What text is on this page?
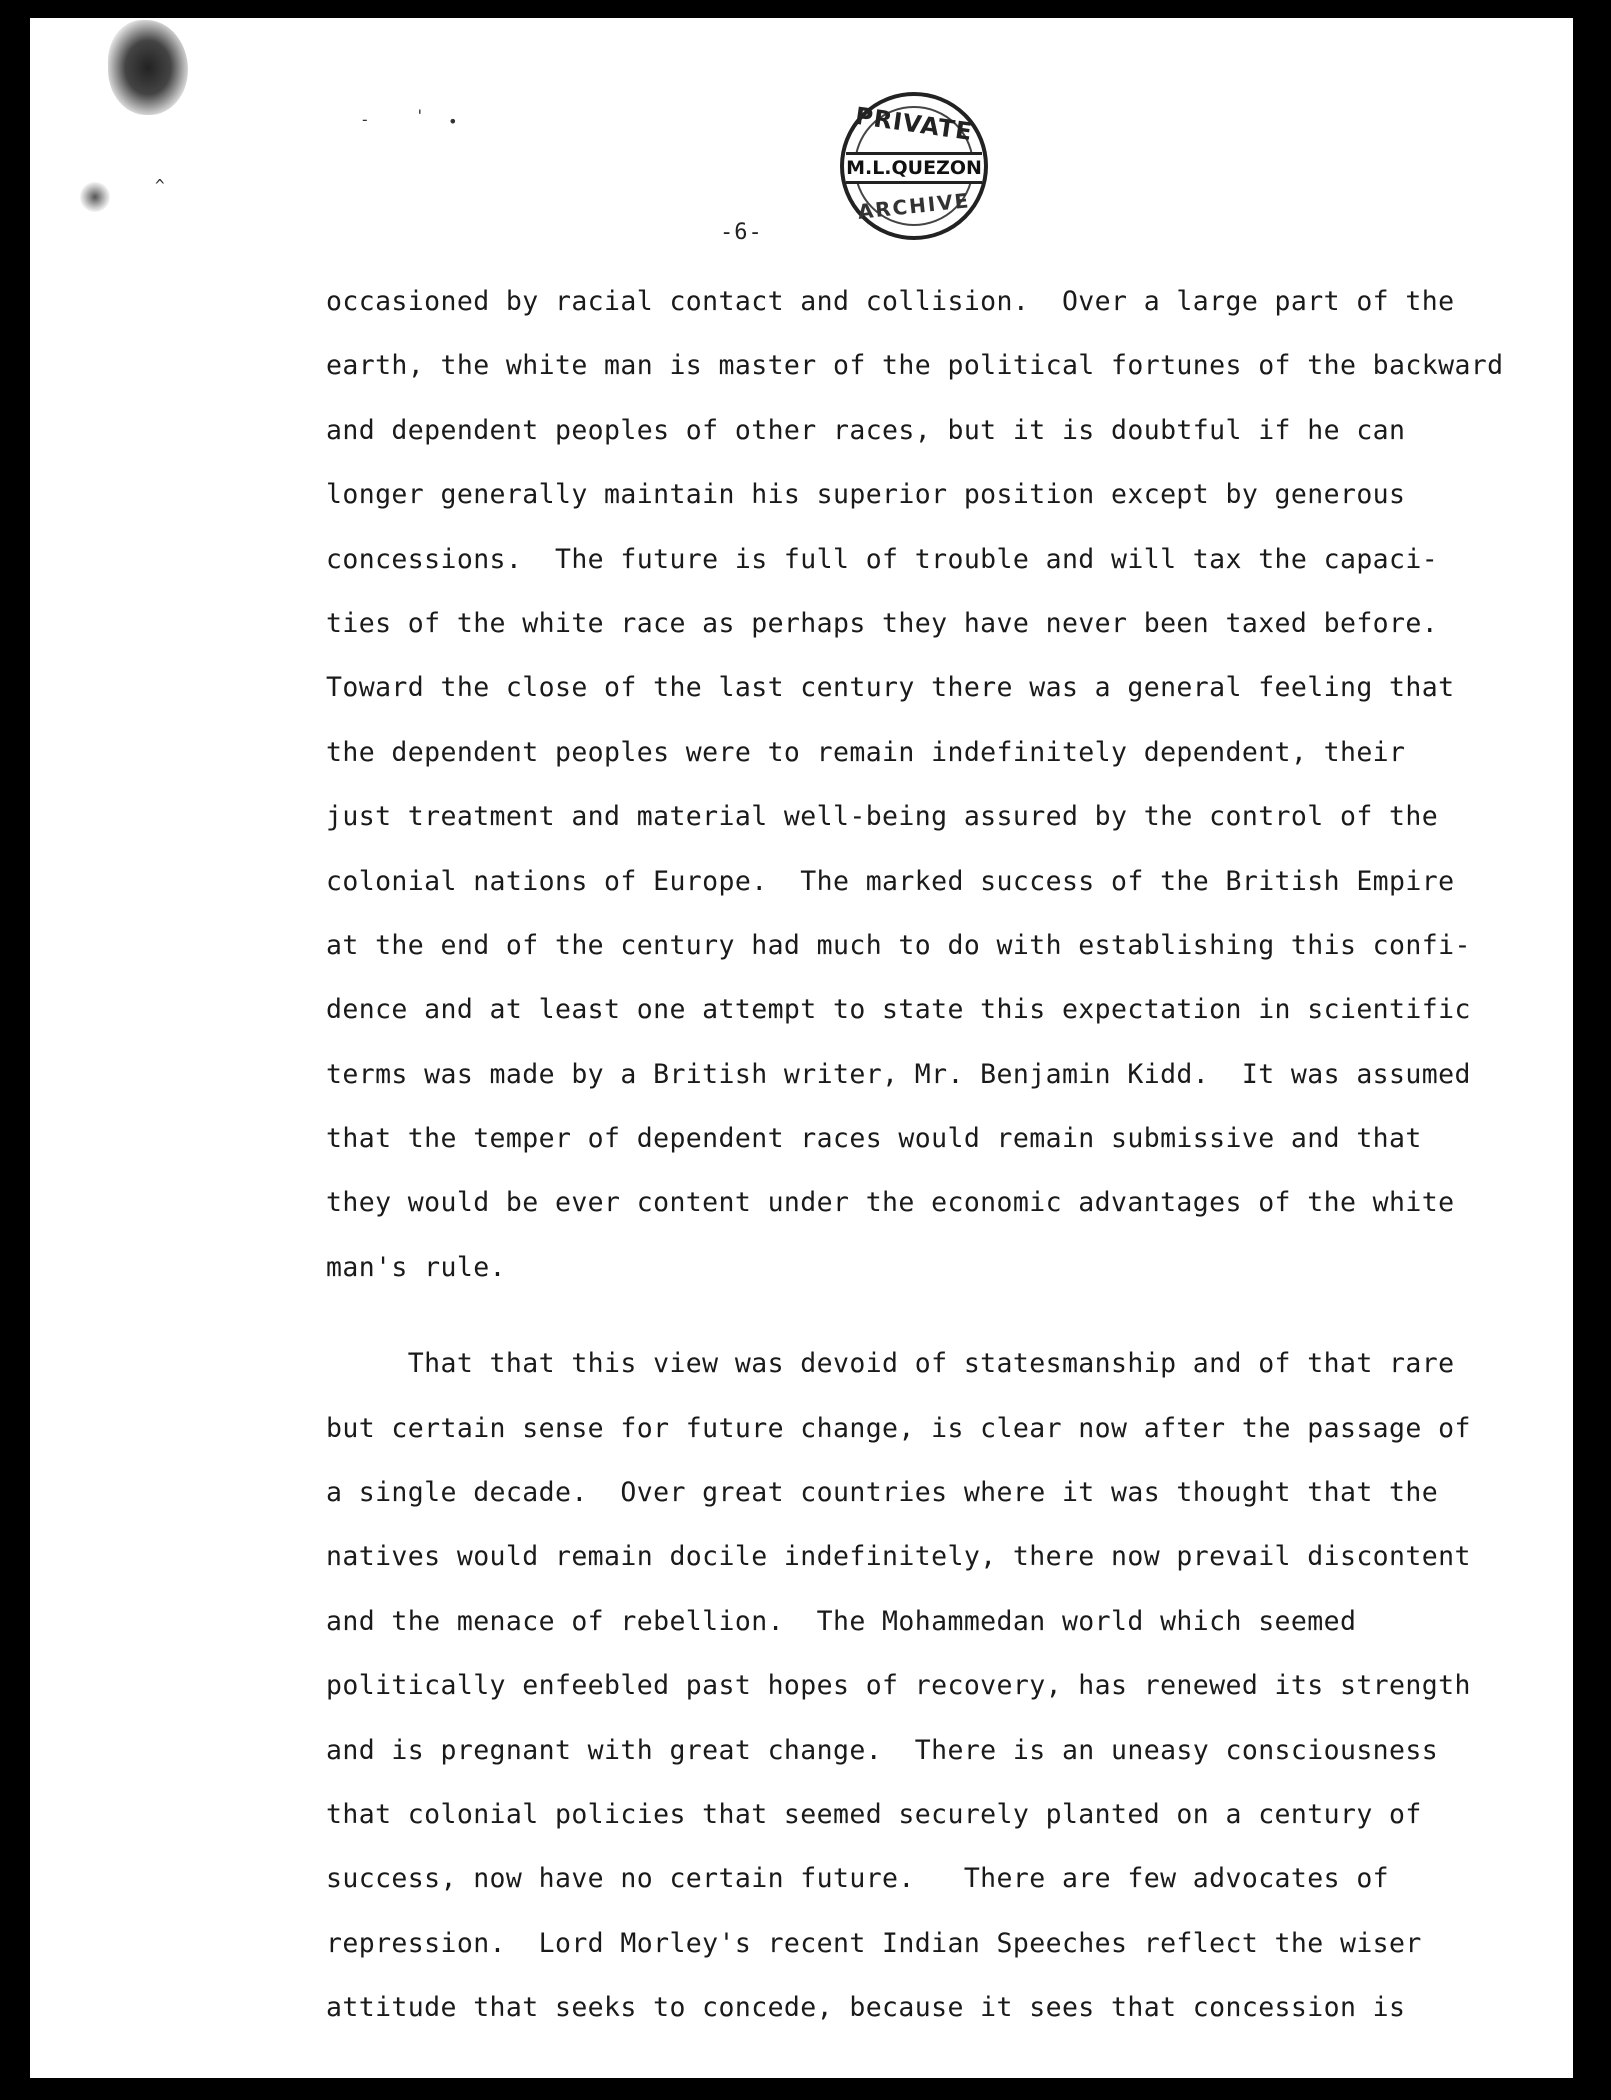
-	' •
^
PRIVATE
M.L.QUEZON
ARCHIVE
-6-
occasioned by racial contact and collision.  Over a large part of the
earth, the white man is master of the political fortunes of the backward
and dependent peoples of other races, but it is doubtful if he can
longer generally maintain his superior position except by generous
concessions.  The future is full of trouble and will tax the capaci-
ties of the white race as perhaps they have never been taxed before.
Toward the close of the last century there was a general feeling that
the dependent peoples were to remain indefinitely dependent, their
just treatment and material well-being assured by the control of the
colonial nations of Europe.  The marked success of the British Empire
at the end of the century had much to do with establishing this confi-
dence and at least one attempt to state this expectation in scientific
terms was made by a British writer, Mr. Benjamin Kidd.  It was assumed
that the temper of dependent races would remain submissive and that
they would be ever content under the economic advantages of the white
man's rule.
That that this view was devoid of statesmanship and of that rare
but certain sense for future change, is clear now after the passage of
a single decade.  Over great countries where it was thought that the
natives would remain docile indefinitely, there now prevail discontent
and the menace of rebellion.  The Mohammedan world which seemed
politically enfeebled past hopes of recovery, has renewed its strength
and is pregnant with great change.  There is an uneasy consciousness
that colonial policies that seemed securely planted on a century of
success, now have no certain future.   There are few advocates of
repression.  Lord Morley's recent Indian Speeches reflect the wiser
attitude that seeks to concede, because it sees that concession is
